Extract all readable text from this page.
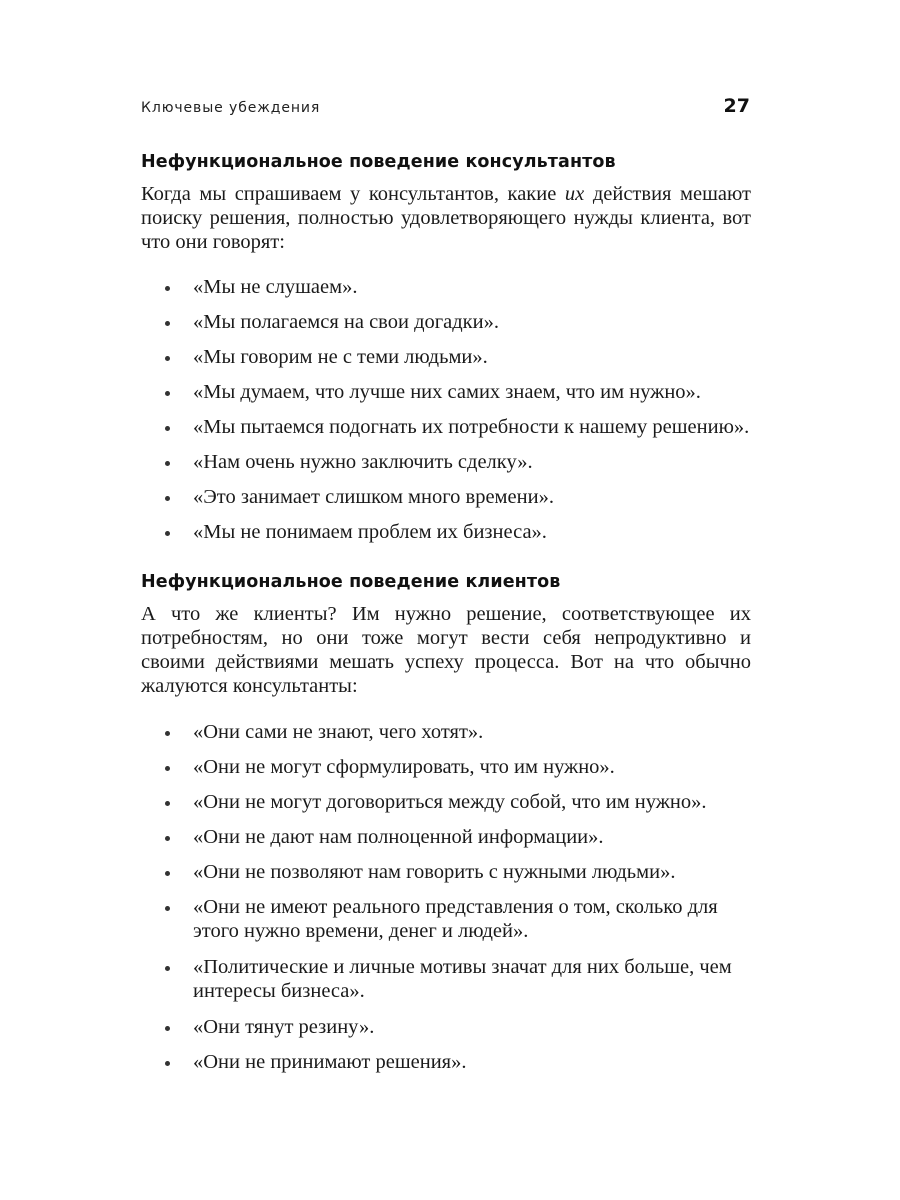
Ключевые убеждения	27
Нефункциональное поведение консультантов

Когда мы спрашиваем у консультантов, какие их действия мешают поиску решения, полностью удовлетворяющего нужды клиента, вот что они говорят:

«Мы не слушаем».
«Мы полагаемся на свои догадки».
«Мы говорим не с теми людьми».
«Мы думаем, что лучше них самих знаем, что им нужно».
«Мы пытаемся подогнать их потребности к нашему решению».
«Нам очень нужно заключить сделку».
«Это занимает слишком много времени».
«Мы не понимаем проблем их бизнеса».
Нефункциональное поведение клиентов

А что же клиенты? Им нужно решение, соответствующее их потребностям, но они тоже могут вести себя непродуктивно и своими действиями мешать успеху процесса. Вот на что обычно жалуются консультанты:

«Они сами не знают, чего хотят».
«Они не могут сформулировать, что им нужно».
«Они не могут договориться между собой, что им нужно».
«Они не дают нам полноценной информации».
«Они не позволяют нам говорить с нужными людьми».
«Они не имеют реального представления о том, сколько для этого нужно времени, денег и людей».
«Политические и личные мотивы значат для них больше, чем интересы бизнеса».
«Они тянут резину».
«Они не принимают решения».
